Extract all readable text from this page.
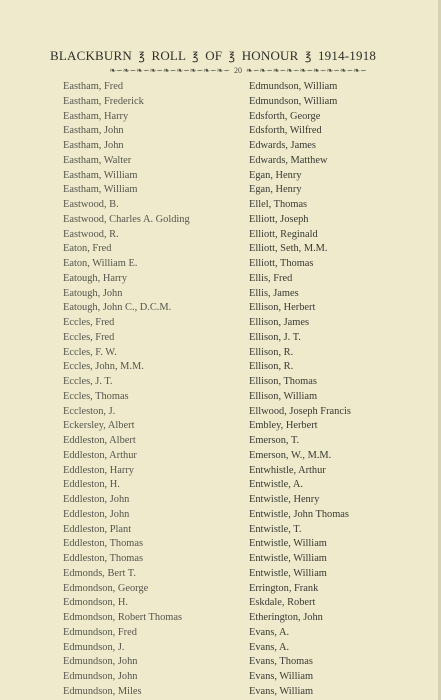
BLACKBURN ℥ ROLL ℥ OF ℥ HONOUR ℥ 1914-1918
❧∽❧∽❧∽❧∽❧∽❧∽❧∽❧∽❧∽ 20 ❧∽❧∽❧∽❧∽❧∽❧∽❧∽❧∽❧∽
Eastham, Fred
Eastham, Frederick
Eastham, Harry
Eastham, John
Eastham, John
Eastham, Walter
Eastham, William
Eastham, William
Eastwood, B.
Eastwood, Charles A. Golding
Eastwood, R.
Eaton, Fred
Eaton, William E.
Eatough, Harry
Eatough, John
Eatough, John C., D.C.M.
Eccles, Fred
Eccles, Fred
Eccles, F. W.
Eccles, John, M.M.
Eccles, J. T.
Eccles, Thomas
Eccleston, J.
Eckersley, Albert
Eddleston, Albert
Eddleston, Arthur
Eddleston, Harry
Eddleston, H.
Eddleston, John
Eddleston, John
Eddleston, Plant
Eddleston, Thomas
Eddleston, Thomas
Edmonds, Bert T.
Edmondson, George
Edmondson, H.
Edmondson, Robert Thomas
Edmundson, Fred
Edmundson, J.
Edmundson, John
Edmundson, John
Edmundson, Miles
Edmundson, William
Edmundson, William
Edsforth, George
Edsforth, Wilfred
Edwards, James
Edwards, Matthew
Egan, Henry
Egan, Henry
Ellel, Thomas
Elliott, Joseph
Elliott, Reginald
Elliott, Seth, M.M.
Elliott, Thomas
Ellis, Fred
Ellis, James
Ellison, Herbert
Ellison, James
Ellison, J. T.
Ellison, R.
Ellison, R.
Ellison, Thomas
Ellison, William
Ellwood, Joseph Francis
Embley, Herbert
Emerson, T.
Emerson, W., M.M.
Entwhistle, Arthur
Entwistle, A.
Entwistle, Henry
Entwistle, John Thomas
Entwistle, T.
Entwistle, William
Entwistle, William
Entwistle, William
Errington, Frank
Eskdale, Robert
Etherington, John
Evans, A.
Evans, A.
Evans, Thomas
Evans, William
Evans, William
